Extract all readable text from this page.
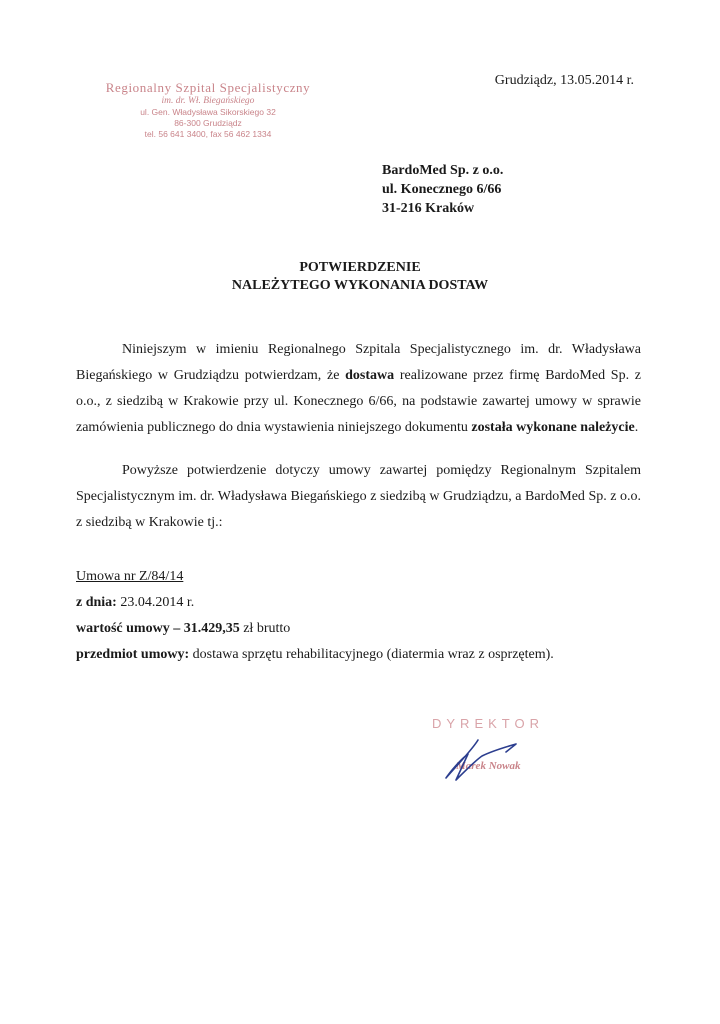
Regionalny Szpital Specjalistyczny
im. dr. Wł. Biegańskiego
ul. Gen. Władysława Sikorskiego 32
86-300 Grudziądz
tel. 56 641 3400, fax 56 462 1334
Grudziądz, 13.05.2014 r.
BardoMed Sp. z o.o.
ul. Konecznego 6/66
31-216 Kraków
POTWIERDZENIE
NALEŻYTEGO WYKONANIA DOSTAW
Niniejszym w imieniu Regionalnego Szpitala Specjalistycznego im. dr. Władysława Biegańskiego w Grudziądzu potwierdzam, że dostawa realizowane przez firmę BardoMed Sp. z o.o., z siedzibą w Krakowie przy ul. Konecznego 6/66, na podstawie zawartej umowy w sprawie zamówienia publicznego do dnia wystawienia niniejszego dokumentu została wykonane należycie.
Powyższe potwierdzenie dotyczy umowy zawartej pomiędzy Regionalnym Szpitalem Specjalistycznym im. dr. Władysława Biegańskiego z siedzibą w Grudziądzu, a BardoMed Sp. z o.o. z siedzibą w Krakowie tj.:
Umowa nr Z/84/14
z dnia: 23.04.2014 r.
wartość umowy – 31.429,35 zł brutto
przedmiot umowy: dostawa sprzętu rehabilitacyjnego (diatermia wraz z osprzętem).
DYREKTOR
Marek Nowak
